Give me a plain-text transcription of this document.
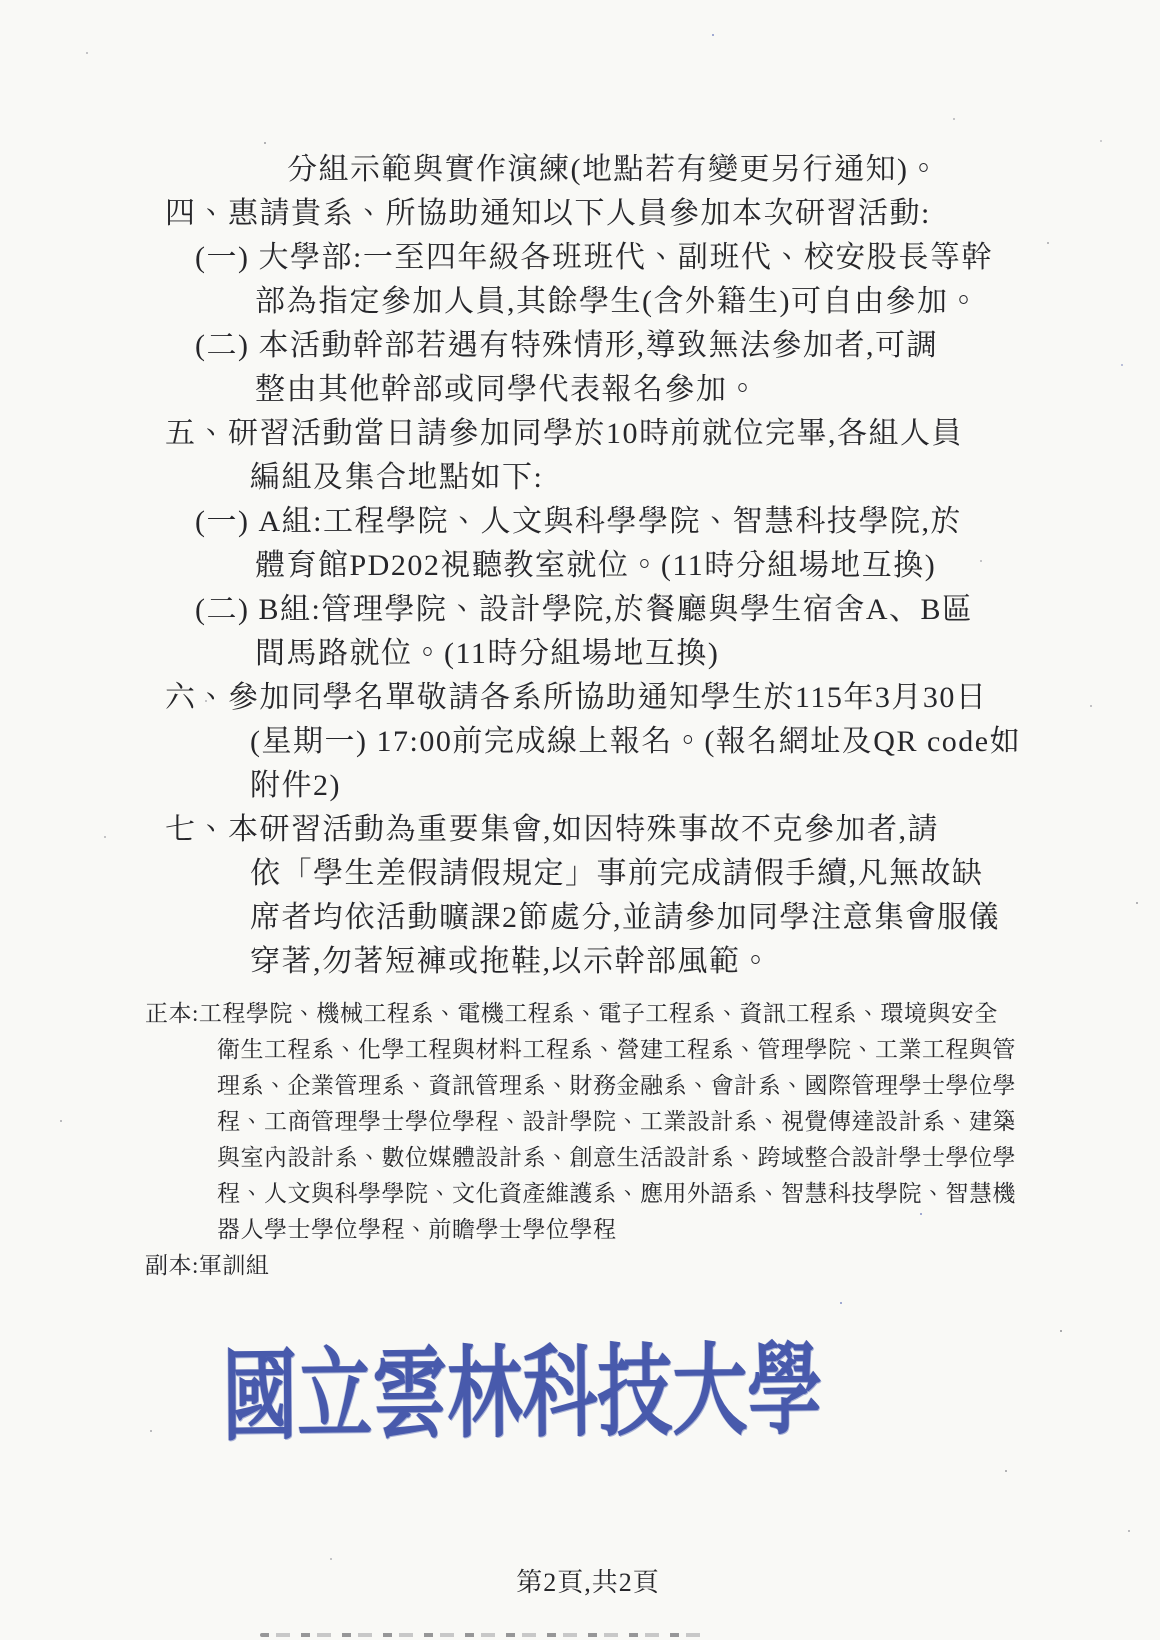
分組示範與實作演練(地點若有變更另行通知)。
四、惠請貴系、所協助通知以下人員參加本次研習活動:
(一) 大學部:一至四年級各班班代、副班代、校安股長等幹
部為指定參加人員,其餘學生(含外籍生)可自由參加。
(二) 本活動幹部若遇有特殊情形,導致無法參加者,可調
整由其他幹部或同學代表報名參加。
五、研習活動當日請參加同學於10時前就位完畢,各組人員
編組及集合地點如下:
(一) A組:工程學院、人文與科學學院、智慧科技學院,於
體育館PD202視聽教室就位。(11時分組場地互換)
(二) B組:管理學院、設計學院,於餐廳與學生宿舍A、B區
間馬路就位。(11時分組場地互換)
六、參加同學名單敬請各系所協助通知學生於115年3月30日
(星期一) 17:00前完成線上報名。(報名網址及QR code如
附件2)
七、本研習活動為重要集會,如因特殊事故不克參加者,請
依「學生差假請假規定」事前完成請假手續,凡無故缺
席者均依活動曠課2節處分,並請參加同學注意集會服儀
穿著,勿著短褲或拖鞋,以示幹部風範。
正本:工程學院、機械工程系、電機工程系、電子工程系、資訊工程系、環境與安全
衛生工程系、化學工程與材料工程系、營建工程系、管理學院、工業工程與管
理系、企業管理系、資訊管理系、財務金融系、會計系、國際管理學士學位學
程、工商管理學士學位學程、設計學院、工業設計系、視覺傳達設計系、建築
與室內設計系、數位媒體設計系、創意生活設計系、跨域整合設計學士學位學
程、人文與科學學院、文化資產維護系、應用外語系、智慧科技學院、智慧機
器人學士學位學程、前瞻學士學位學程
副本:軍訓組
國立雲林科技大學
第2頁,共2頁
